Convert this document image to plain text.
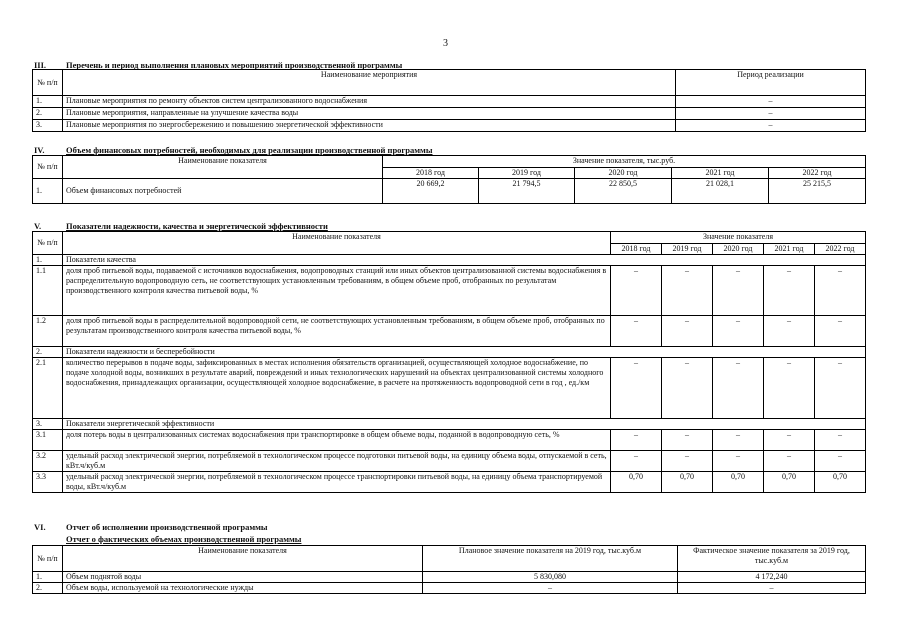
3
III. Перечень и период выполнения плановых мероприятий производственной программы
№ п/п	Наименование мероприятия	Период реализации
1.	Плановые мероприятия по ремонту объектов систем централизованного водоснабжения	–
2.	Плановые мероприятия, направленные на улучшение качества воды	–
3.	Плановые мероприятия по энергосбережению и повышению энергетической эффективности	–
IV.	Объем финансовых потребностей, необходимых для реализации производственной программы
№ п/п	Наименование показателя	Значение показателя, тыс.руб.				
		2018 год	2019 год	2020 год	2021 год	2022 год
1.	Объем финансовых потребностей	20 669,2	21 794,5	22 850,5	21 028,1	25 215,5
V.	Показатели надежности, качества и энергетической эффективности
№ п/п	Наименование показателя	Значение показателя				
		2018 год	2019 год	2020 год	2021 год	2022 год
1.	Показатели качества					
1.1	доля проб питьевой воды, подаваемой с источников водоснабжения, водопроводных станций или иных объектов централизованной системы водоснабжения в распределительную водопроводную сеть, не соответствующих установленным требованиям, в общем объеме проб, отобранных по результатам производственного контроля качества питьевой воды, %	–	–	–	–	–
1.2	доля проб питьевой воды в распределительной водопроводной сети, не соответствующих установленным требованиям, в общем объеме проб, отобранных по результатам производственного контроля качества питьевой воды, %	–	–	–	–	–
2.	Показатели надежности и бесперебойности					
2.1	количество перерывов в подаче воды, зафиксированных в местах исполнения обязательств организацией, осуществляющей холодное водоснабжение, по подаче холодной воды, возникших в результате аварий, повреждений и иных технологических нарушений на объектах централизованной системы холодного водоснабжения, принадлежащих организации, осуществляющей холодное водоснабжение, в расчете на протяженность водопроводной сети в год , ед./км	–	–	–	–	–
3.	Показатели энергетической эффективности					
3.1	доля потерь воды в централизованных системах водоснабжения при транспортировке в общем объеме воды, поданной в водопроводную сеть, %	–	–	–	–	–
3.2	удельный расход электрической энергии, потребляемой в технологическом процессе подготовки питьевой воды, на единицу объема воды, отпускаемой в сеть, кВт.ч/куб.м	–	–	–	–	–
3.3	удельный расход электрической энергии, потребляемой в технологическом процессе транспортировки питьевой воды, на единицу объема транспортируемой воды, кВт.ч/куб.м	0,70	0,70	0,70	0,70	0,70
VI. Отчет об исполнении производственной программы
Отчет о фактических объемах производственной программы
№ п/п	Наименование показателя	Плановое значение показателя на 2019 год, тыс.куб.м	Фактическое значение показателя за 2019 год, тыс.куб.м
1.	Объем поднятой воды	5 830,080	4 172,240
2.	Объем воды, используемой на технологические нужды	–	–
